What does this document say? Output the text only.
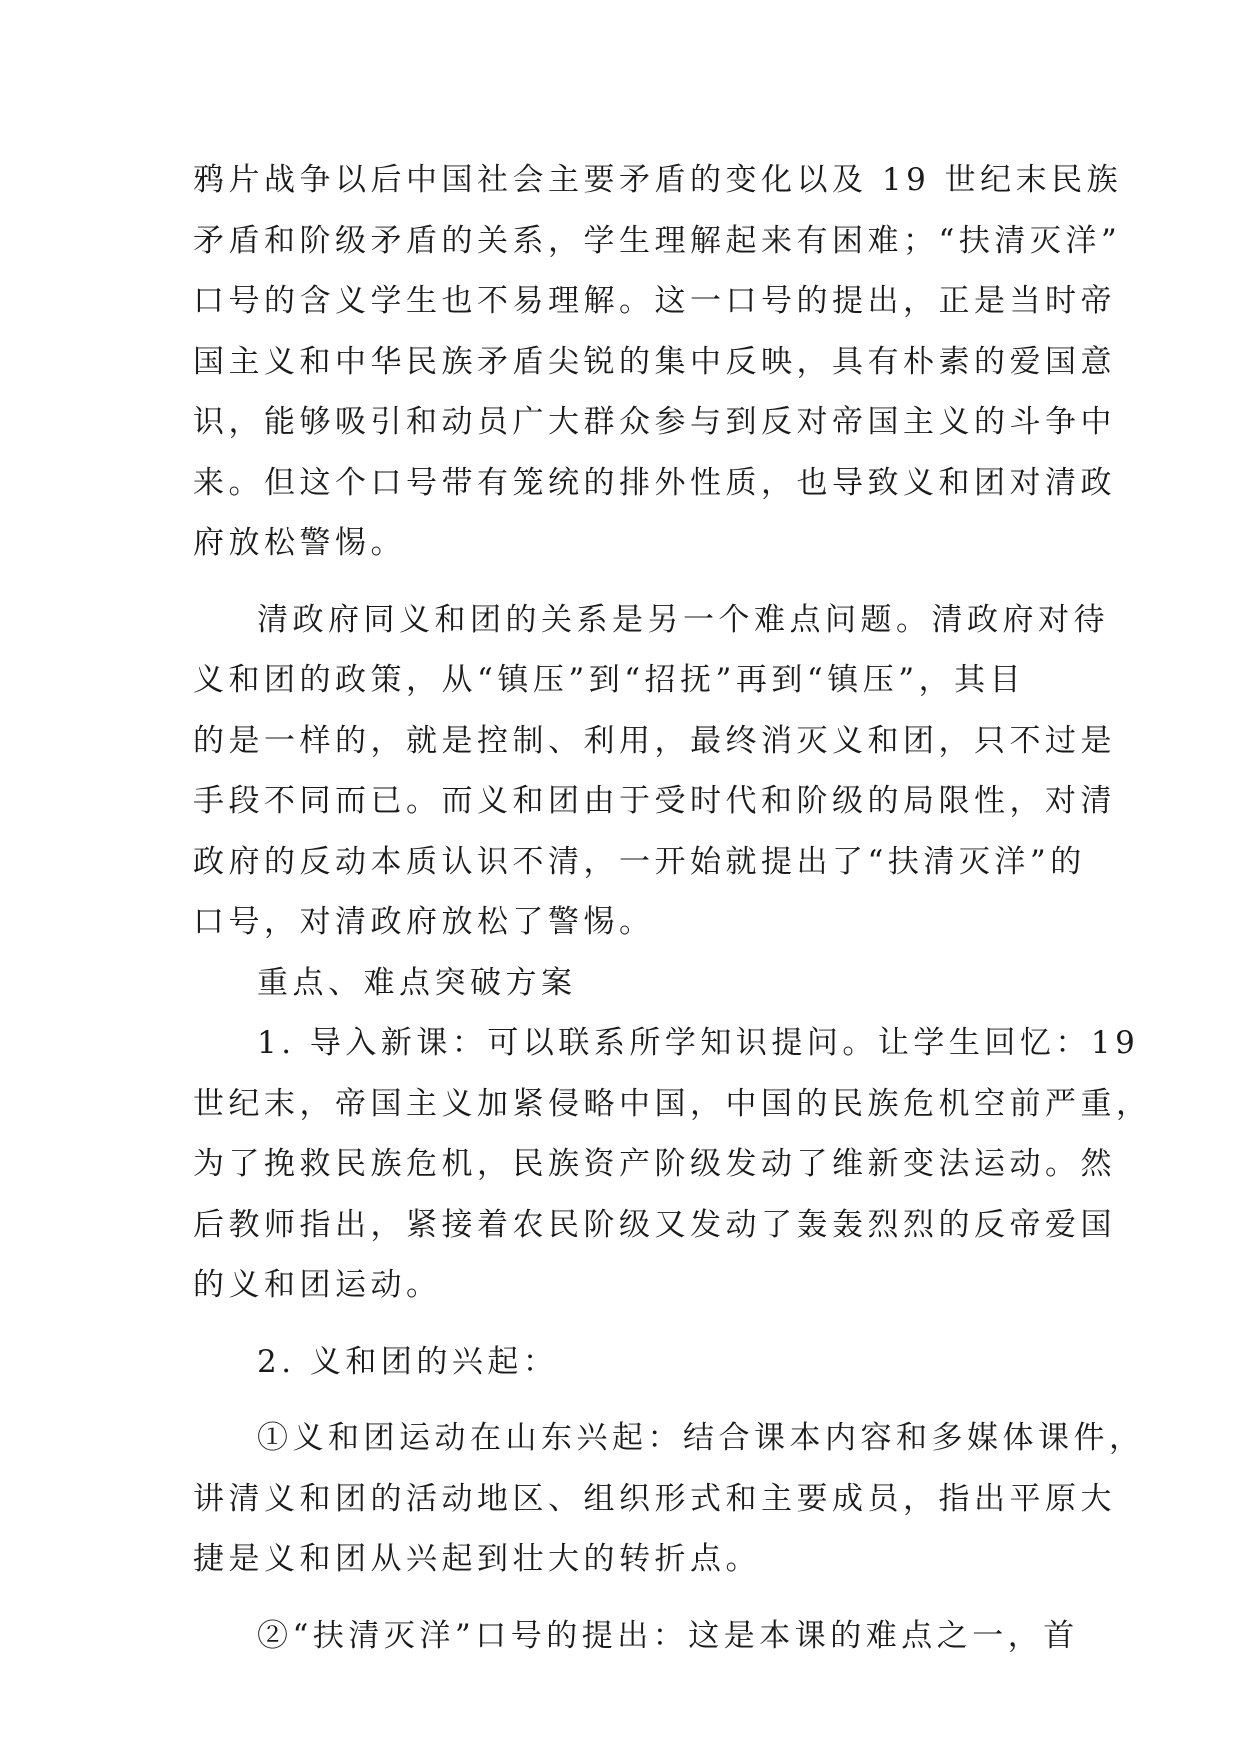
鸦片战争以后中国社会主要矛盾的变化以及 19 世纪末民族
矛盾和阶级矛盾的关系，学生理解起来有困难；“扶清灭洋”
口号的含义学生也不易理解。这一口号的提出，正是当时帝
国主义和中华民族矛盾尖锐的集中反映，具有朴素的爱国意
识，能够吸引和动员广大群众参与到反对帝国主义的斗争中
来。但这个口号带有笼统的排外性质，也导致义和团对清政
府放松警惕。
清政府同义和团的关系是另一个难点问题。清政府对待
义和团的政策，从“镇压”到“招抚”再到“镇压”，其目
的是一样的，就是控制、利用，最终消灭义和团，只不过是
手段不同而已。而义和团由于受时代和阶级的局限性，对清
政府的反动本质认识不清，一开始就提出了“扶清灭洋”的
口号，对清政府放松了警惕。
重点、难点突破方案
1. 导入新课：可以联系所学知识提问。让学生回忆：19
世纪末，帝国主义加紧侵略中国，中国的民族危机空前严重，
为了挽救民族危机，民族资产阶级发动了维新变法运动。然
后教师指出，紧接着农民阶级又发动了轰轰烈烈的反帝爱国
的义和团运动。
2. 义和团的兴起：
①义和团运动在山东兴起：结合课本内容和多媒体课件，
讲清义和团的活动地区、组织形式和主要成员，指出平原大
捷是义和团从兴起到壮大的转折点。
②“扶清灭洋”口号的提出：这是本课的难点之一，首
